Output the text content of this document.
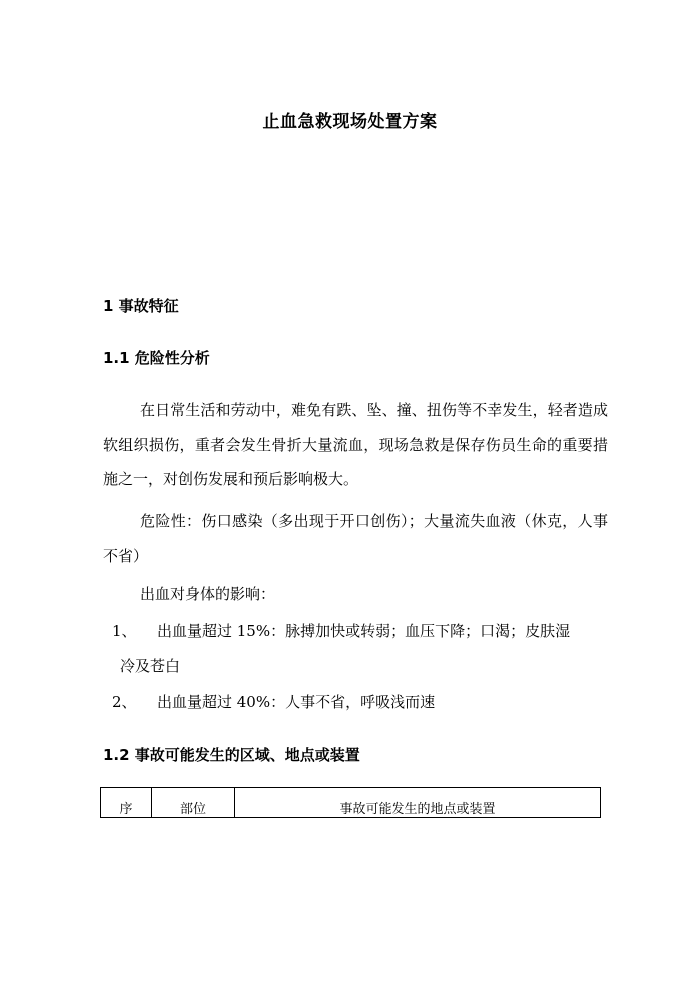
止血急救现场处置方案
1 事故特征
1.1 危险性分析
在日常生活和劳动中，难免有跌、坠、撞、扭伤等不幸发生，轻者造成软组织损伤，重者会发生骨折大量流血，现场急救是保存伤员生命的重要措施之一，对创伤发展和预后影响极大。
危险性：伤口感染（多出现于开口创伤）；大量流失血液（休克，人事不省）
出血对身体的影响：
1、	出血量超过 15%：脉搏加快或转弱；血压下降；口渴；皮肤湿
冷及苍白
2、	出血量超过 40%：人事不省，呼吸浅而速
1.2 事故可能发生的区域、地点或装置
序	部位	事故可能发生的地点或装置
